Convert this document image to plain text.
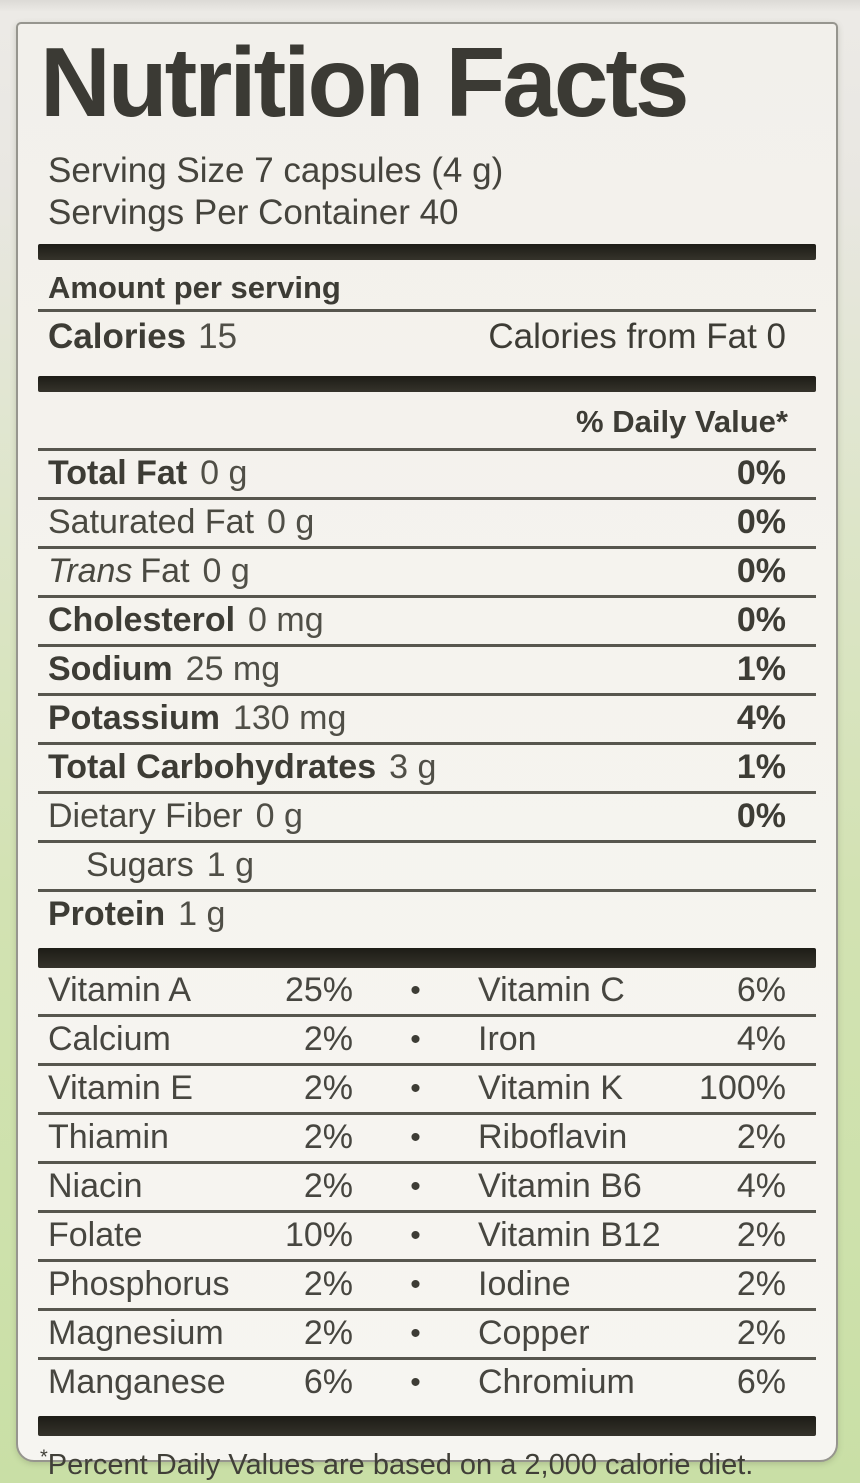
Nutrition Facts
Serving Size 7 capsules (4 g)
Servings Per Container 40
Amount per serving
Calories 15	Calories from Fat 0
% Daily Value*
Total Fat 0 g	0%
Saturated Fat 0 g	0%
Trans Fat 0 g	0%
Cholesterol 0 mg	0%
Sodium 25 mg	1%
Potassium 130 mg	4%
Total Carbohydrates 3 g	1%
Dietary Fiber 0 g	0%
Sugars 1 g
Protein 1 g
Vitamin A	25%	•	Vitamin C	6%
Calcium	2%	•	Iron	4%
Vitamin E	2%	•	Vitamin K	100%
Thiamin	2%	•	Riboflavin	2%
Niacin	2%	•	Vitamin B6	4%
Folate	10%	•	Vitamin B12	2%
Phosphorus	2%	•	Iodine	2%
Magnesium	2%	•	Copper	2%
Manganese	6%	•	Chromium	6%
*Percent Daily Values are based on a 2,000 calorie diet.
